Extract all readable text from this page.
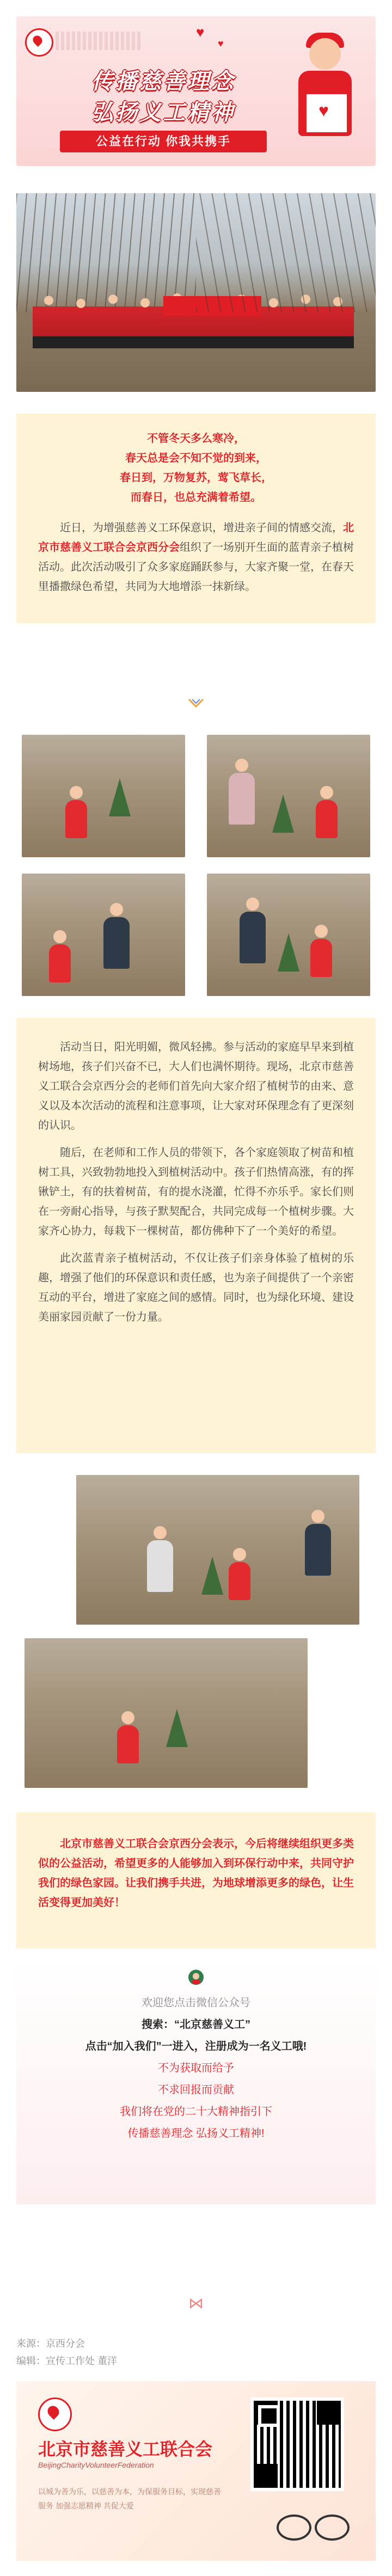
♥
♥
传播慈善理念
弘扬义工精神
公益在行动 你我共携手
♥
不管冬天多么寒冷，
春天总是会不知不觉的到来，
春日到，万物复苏，莺飞草长，
而春日，也总充满着希望。

近日，为增强慈善义工环保意识，增进亲子间的情感交流，北京市慈善义工联合会京西分会组织了一场别开生面的蓝青亲子植树活动。此次活动吸引了众多家庭踊跃参与，大家齐聚一堂，在春天里播撒绿色希望，共同为大地增添一抹新绿。

活动当日，阳光明媚，微风轻拂。参与活动的家庭早早来到植树场地，孩子们兴奋不已，大人们也满怀期待。现场，北京市慈善义工联合会京西分会的老师们首先向大家介绍了植树节的由来、意义以及本次活动的流程和注意事项，让大家对环保理念有了更深刻的认识。

随后，在老师和工作人员的带领下，各个家庭领取了树苗和植树工具，兴致勃勃地投入到植树活动中。孩子们热情高涨，有的挥锹铲土，有的扶着树苗，有的提水浇灌，忙得不亦乐乎。家长们则在一旁耐心指导，与孩子默契配合，共同完成每一个植树步骤。大家齐心协力，每栽下一棵树苗，都仿佛种下了一个美好的希望。

此次蓝青亲子植树活动，不仅让孩子们亲身体验了植树的乐趣，增强了他们的环保意识和责任感，也为亲子间提供了一个亲密互动的平台，增进了家庭之间的感情。同时，也为绿化环境、建设美丽家园贡献了一份力量。

北京市慈善义工联合会京西分会表示，今后将继续组织更多类似的公益活动，希望更多的人能够加入到环保行动中来，共同守护我们的绿色家园。让我们携手共进，为地球增添更多的绿色，让生活变得更加美好！

欢迎您点击微信公众号
搜索：“北京慈善义工”
点击“加入我们”一进入，注册成为一名义工哦!
不为获取而给予
不求回报而贡献
我们将在党的二十大精神指引下
传播慈善理念 弘扬义工精神!
⋈
来源：京西分会
编辑：宣传工作处 董洋
北京市慈善义工联合会
BeijingCharityVolunteerFederation
以城为善为乐，以慈善为本，为保服务目标，实现慈善服务 加强志愿精神 共促大爱
